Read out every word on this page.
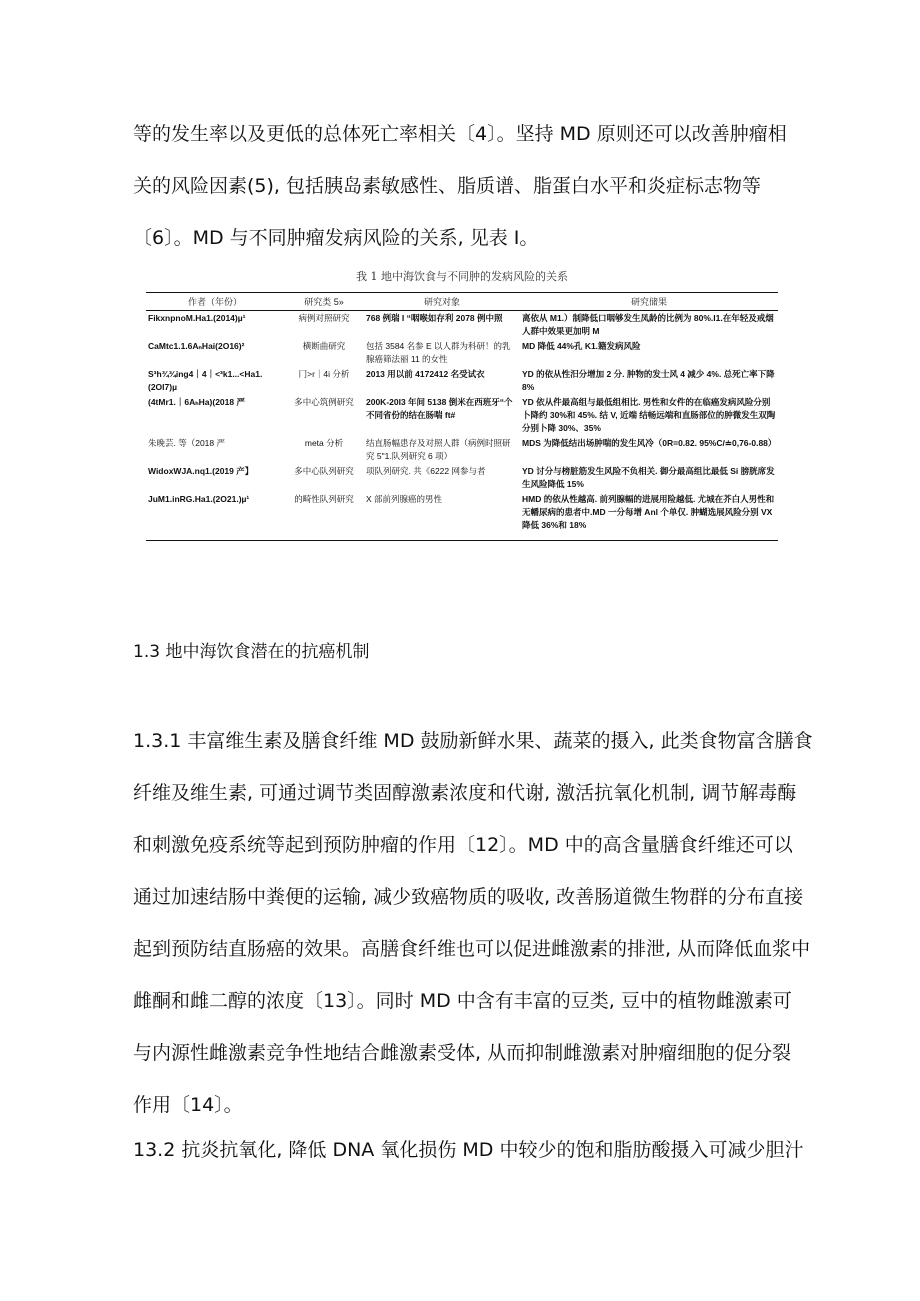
等的发生率以及更低的总体死亡率相关〔4〕。坚持 MD 原则还可以改善肿瘤相
关的风险因素(5), 包括胰岛素敏感性、脂质谱、脂蛋白水平和炎症标志物等
〔6〕。MD 与不同肿瘤发病风险的关系, 见表 I。
我 1 地中海饮食与不同肿的发病风险的关系
作者（年份）	研究类 5»	研究对象	研究储果
FikxnpnoM.Ha1.(2014)µ¹	病例对照研究	768 例瑞 I “咽喉如存利 2078 例中照	离依从 M1.）制降低口咽够发生凤龄的比例为 80%.I1.在年轻及戒烟人群中效果更加明 M
CaMtc1.1.6AₙHai(2O16)²	横断曲研究	包括 3584 名参 E 以人群为科研！的乳腺癌筛法丽 11 的女性	MD 降低 44%孔 K1.籍发病风险
S³h¾¾ing4｜4｜<³k1...<Ha1.(2OI7)µ	冂>r｜4i 分析	2013 用以前 4172412 名受试衣	YD 的依从性汨分增加 2 分. 肿物的发士风 4 减少 4%. 总死亡率下降 8%
(4tMr1.｜6AₕHa)(2018 严	多中心筑例研究	200K-20I3 年间 5138 倒米在西班牙“个不同省份的结在肠喘 ft#	YD 依从件最高组与最低组相比. 男性和女件的在临癌发病风险分别卜降约 30%和 45%. 结 V, 近端 结畅远端和直肠部位的肿微发生双陶分别卜降 30%、35%
朱晚芸. 等（2018 严	meta 分析	结直肠幅患存及对照人群（病例时照研究 5"1.队列研究 6 项）	MDS 为降低结出场肿喘的发生风冷（0R=0.82. 95%C/≐0,76-0.88）
WidoxWJA.nq1.(2019 产】	多中心队列研究	项队列研究. 共《6222 网参与者	YD 讨分与榜脏筋发生风险不负相关. 御分最高组比最低 Si 膀胱席发生风险降低 15%
JuM1.inRG.Ha1.(2O21.)µ¹	的畸性队列研究	X 部前列腺癌的男性	HMD 的依从性越高. 前列腺幅的进展用险越低. 尤城在芥白人男性和无幡尿病的患者中.MD 一分每增 Anl 个单仅. 肿蝴选展风险分别 VX 降低 36%和 18%
1.3 地中海饮食潜在的抗癌机制
1.3.1 丰富维生素及膳食纤维 MD 鼓励新鲜水果、蔬菜的摄入, 此类食物富含膳食
纤维及维生素, 可通过调节类固醇激素浓度和代谢, 激活抗氧化机制, 调节解毒酶
和刺激免疫系统等起到预防肿瘤的作用〔12〕。MD 中的高含量膳食纤维还可以
通过加速结肠中粪便的运输, 减少致癌物质的吸收, 改善肠道微生物群的分布直接
起到预防结直肠癌的效果。高膳食纤维也可以促进雌激素的排泄, 从而降低血浆中
雌酮和雌二醇的浓度〔13〕。同时 MD 中含有丰富的豆类, 豆中的植物雌激素可
与内源性雌激素竞争性地结合雌激素受体, 从而抑制雌激素对肿瘤细胞的促分裂
作用〔14〕。
13.2 抗炎抗氧化, 降低 DNA 氧化损伤 MD 中较少的饱和脂肪酸摄入可减少胆汁
